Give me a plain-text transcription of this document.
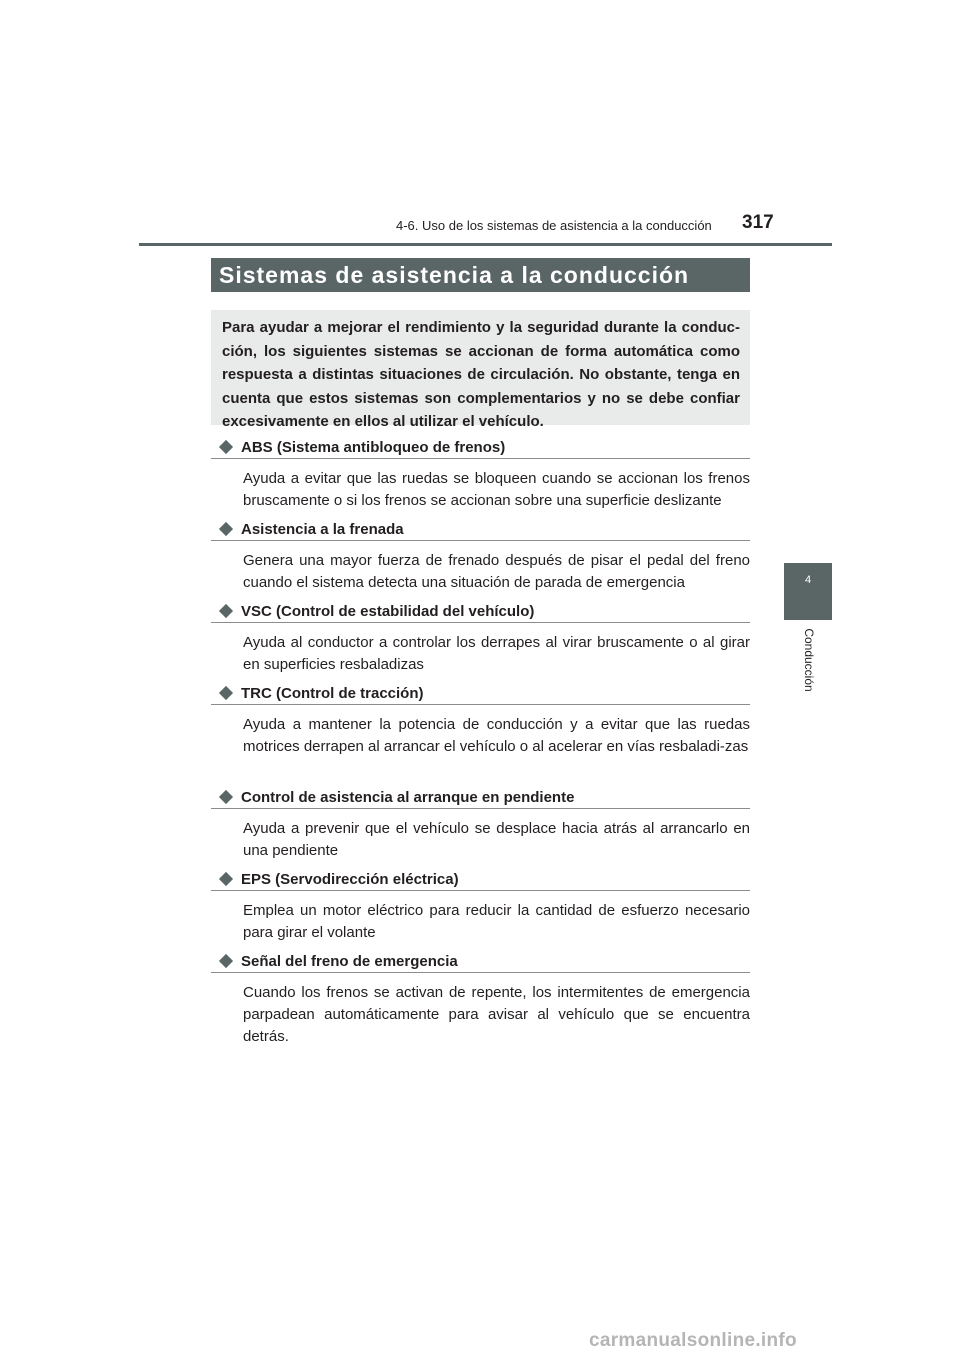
4-6. Uso de los sistemas de asistencia a la conducción 317
4
Conducción
Sistemas de asistencia a la conducción
Para ayudar a mejorar el rendimiento y la seguridad durante la conduc-ción, los siguientes sistemas se accionan de forma automática como respuesta a distintas situaciones de circulación. No obstante, tenga en cuenta que estos sistemas son complementarios y no se debe confiar excesivamente en ellos al utilizar el vehículo.
ABS (Sistema antibloqueo de frenos)
Ayuda a evitar que las ruedas se bloqueen cuando se accionan los frenos bruscamente o si los frenos se accionan sobre una superficie deslizante
Asistencia a la frenada
Genera una mayor fuerza de frenado después de pisar el pedal del freno cuando el sistema detecta una situación de parada de emergencia
VSC (Control de estabilidad del vehículo)
Ayuda al conductor a controlar los derrapes al virar bruscamente o al girar en superficies resbaladizas
TRC (Control de tracción)
Ayuda a mantener la potencia de conducción y a evitar que las ruedas motrices derrapen al arrancar el vehículo o al acelerar en vías resbaladi-zas
Control de asistencia al arranque en pendiente
Ayuda a prevenir que el vehículo se desplace hacia atrás al arrancarlo en una pendiente
EPS (Servodirección eléctrica)
Emplea un motor eléctrico para reducir la cantidad de esfuerzo necesario para girar el volante
Señal del freno de emergencia
Cuando los frenos se activan de repente, los intermitentes de emergencia parpadean automáticamente para avisar al vehículo que se encuentra detrás.
carmanualsonline.info
